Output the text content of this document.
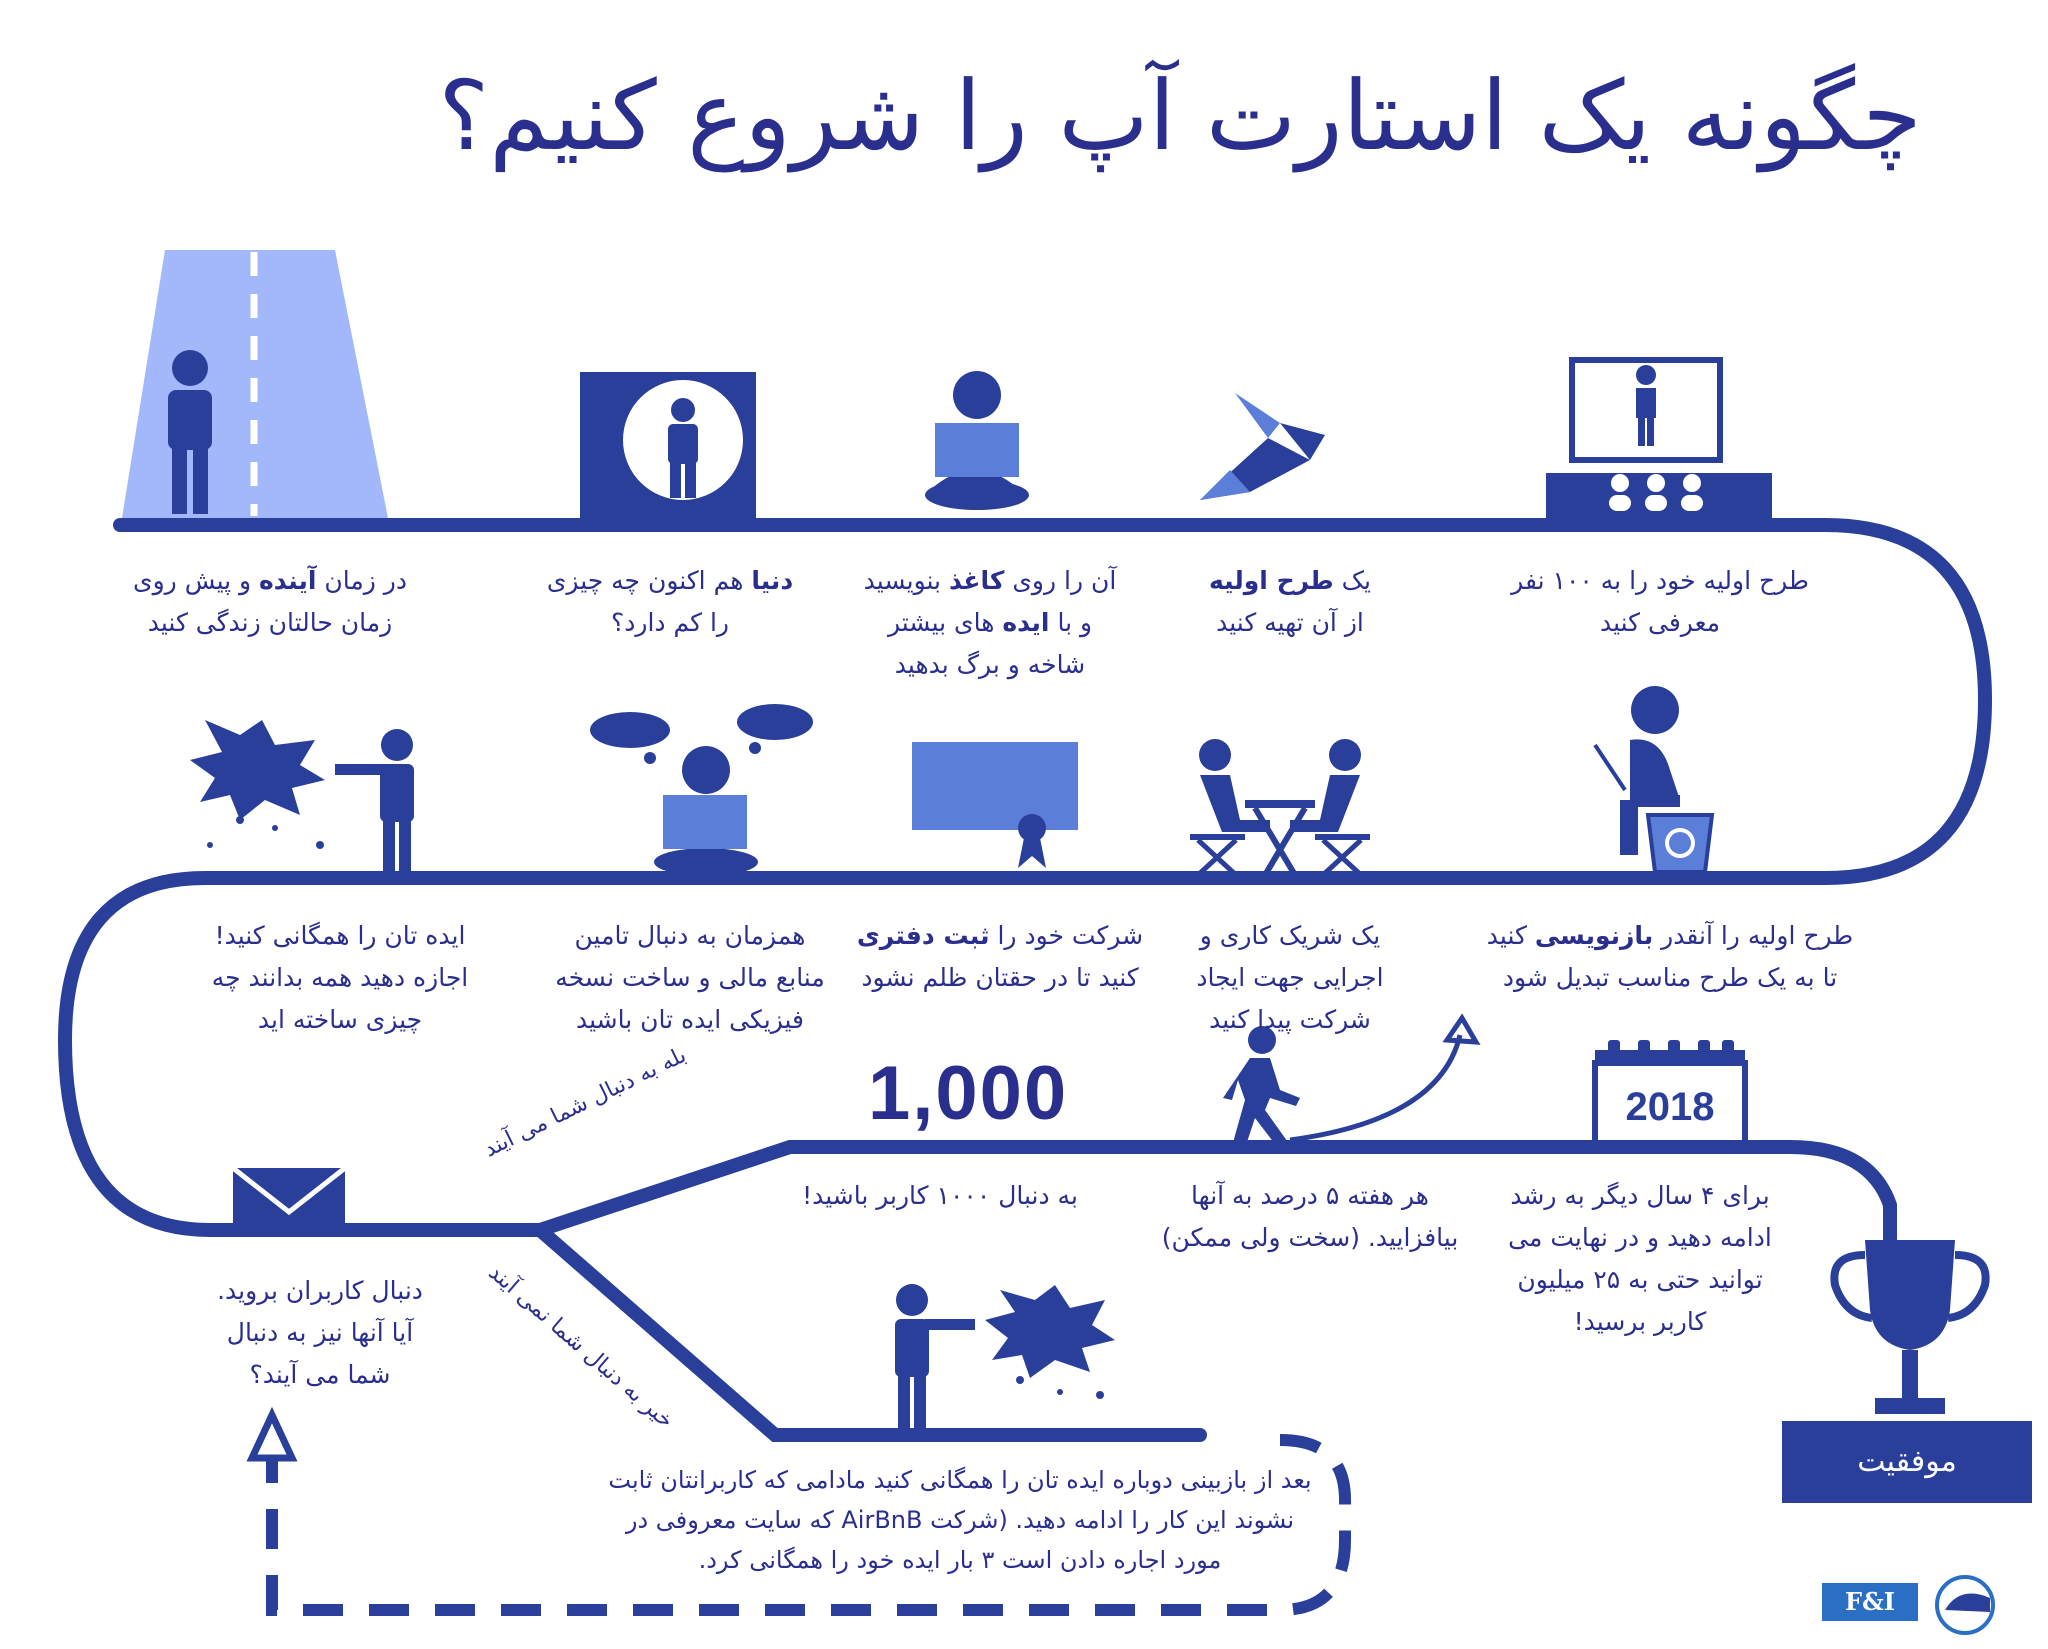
چگونه یک استارت آپ را شروع کنیم؟
در زمان آینده و پیش روی
زمان حالتان زندگی کنید
دنیا هم اکنون چه چیزی
را کم دارد؟
آن را روی کاغذ بنویسید
و با ایده های بیشتر
شاخه و برگ بدهید
یک طرح اولیه
از آن تهیه کنید
طرح اولیه خود را به ۱۰۰ نفر
معرفی کنید
طرح اولیه را آنقدر بازنویسی کنید
تا به یک طرح مناسب تبدیل شود
یک شریک کاری و
اجرایی جهت ایجاد
شرکت پیدا کنید
شرکت خود را ثبت دفتری
کنید تا در حقتان ظلم نشود
همزمان به دنبال تامین
منابع مالی و ساخت نسخه
فیزیکی ایده تان باشید
ایده تان را همگانی کنید!
اجازه دهید همه بدانند چه
چیزی ساخته اید
1,000	2018
به دنبال ۱۰۰۰ کاربر باشید!	هر هفته ۵ درصد به آنها
بیافزایید. (سخت ولی ممکن)
برای ۴ سال دیگر به رشد
ادامه دهید و در نهایت می
توانید حتی به ۲۵ میلیون
کاربر برسید!
دنبال کاربران بروید.
آیا آنها نیز به دنبال
شما می آیند؟
بله به دنبال شما می آیند
خیر به دنبال شما نمی آیند
بعد از بازبینی دوباره ایده تان را همگانی کنید مادامی که کاربرانتان ثابت
نشوند این کار را ادامه دهید. (شرکت AirBnB که سایت معروفی در
مورد اجاره دادن است ۳ بار ایده خود را همگانی کرد.
موفقیت
F&I
